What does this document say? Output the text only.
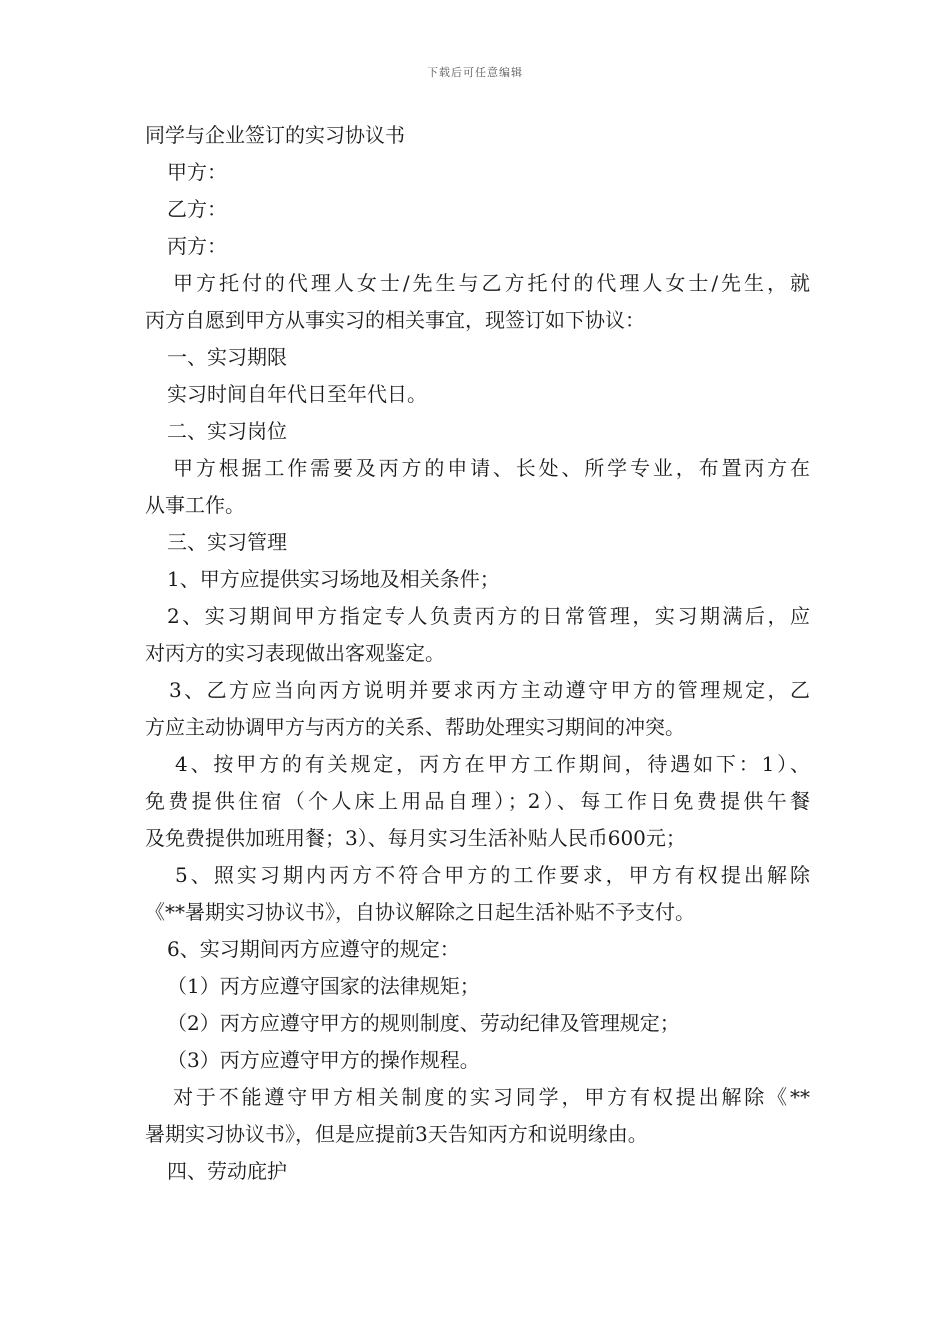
下载后可任意编辑

同学与企业签订的实习协议书

甲方：

乙方：

丙方：

甲方托付的代理人女士/先生与乙方托付的代理人女士/先生，就

丙方自愿到甲方从事实习的相关事宜，现签订如下协议：

一、实习期限

实习时间自年代日至年代日。

二、实习岗位

甲方根据工作需要及丙方的申请、长处、所学专业，布置丙方在

从事工作。

三、实习管理

1、甲方应提供实习场地及相关条件；

2、实习期间甲方指定专人负责丙方的日常管理，实习期满后，应

对丙方的实习表现做出客观鉴定。

3、乙方应当向丙方说明并要求丙方主动遵守甲方的管理规定，乙

方应主动协调甲方与丙方的关系、帮助处理实习期间的冲突。

4、按甲方的有关规定，丙方在甲方工作期间，待遇如下：1）、

免费提供住宿（个人床上用品自理）；2）、每工作日免费提供午餐

及免费提供加班用餐；3）、每月实习生活补贴人民币600元；

5、照实习期内丙方不符合甲方的工作要求，甲方有权提出解除

《**暑期实习协议书》，自协议解除之日起生活补贴不予支付。

6、实习期间丙方应遵守的规定：

（1）丙方应遵守国家的法律规矩；

（2）丙方应遵守甲方的规则制度、劳动纪律及管理规定；

（3）丙方应遵守甲方的操作规程。

对于不能遵守甲方相关制度的实习同学，甲方有权提出解除《**

暑期实习协议书》，但是应提前3天告知丙方和说明缘由。

四、劳动庇护
